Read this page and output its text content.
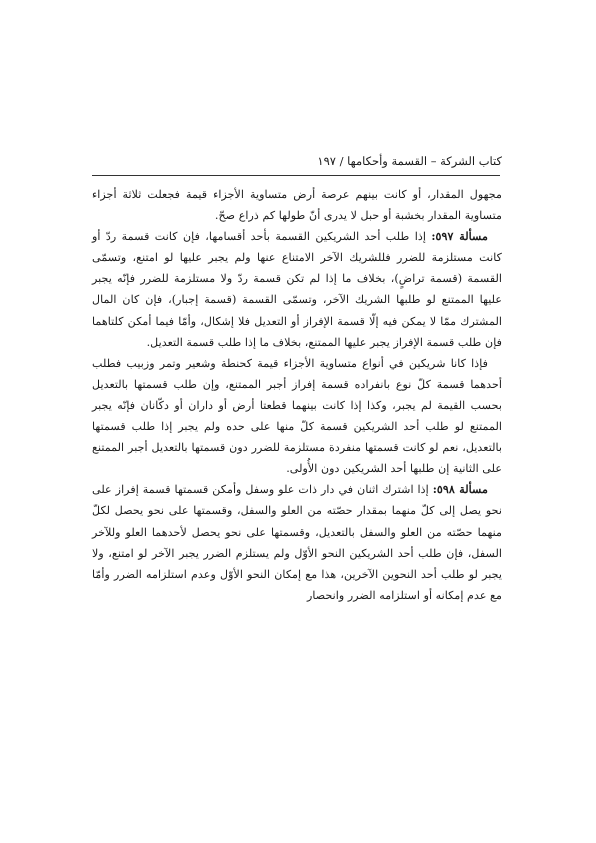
كتاب الشركة – القسمة وأحكامها / ١٩٧

مجهول المقدار، أو كانت بينهم عرصة أرض متساوية الأجزاء قيمة فجعلت ثلاثة أجزاء متساوية المقدار بخشبة أو حبل لا يدرى أنّ طولها كم ذراع صحّ.

مسألة ٥٩٧: إذا طلب أحد الشريكين القسمة بأحد أقسامها، فإن كانت قسمة ردّ أو كانت مستلزمة للضرر فللشريك الآخر الامتناع عنها ولم يجبر عليها لو امتنع، وتسمّى القسمة (قسمة تراضٍ)، بخلاف ما إذا لم تكن قسمة ردّ ولا مستلزمة للضرر فإنّه يجبر عليها الممتنع لو طلبها الشريك الآخر، وتسمّى القسمة (قسمة إجبار)، فإن كان المال المشترك ممّا لا يمكن فيه إلّا قسمة الإفراز أو التعديل فلا إشكال، وأمّا فيما أمكن كلتاهما فإن طلب قسمة الإفراز يجبر عليها الممتنع، بخلاف ما إذا طلب قسمة التعديل.

فإذا كانا شريكين في أنواع متساوية الأجزاء قيمة كحنطة وشعير وتمر وزبيب فطلب أحدهما قسمة كلّ نوع بانفراده قسمة إفراز أجبر الممتنع، وإن طلب قسمتها بالتعديل بحسب القيمة لم يجبر، وكذا إذا كانت بينهما قطعتا أرض أو داران أو دكّانان فإنّه يجبر الممتنع لو طلب أحد الشريكين قسمة كلّ منها على حده ولم يجبر إذا طلب قسمتها بالتعديل، نعم لو كانت قسمتها منفردة مستلزمة للضرر دون قسمتها بالتعديل أجبر الممتنع على الثانية إن طلبها أحد الشريكين دون الأُولى.

مسألة ٥٩٨: إذا اشترك اثنان في دار ذات علو وسفل وأمكن قسمتها قسمة إفراز على نحو يصل إلى كلّ منهما بمقدار حصّته من العلو والسفل، وقسمتها على نحو يحصل لكلّ منهما حصّته من العلو والسفل بالتعديل، وقسمتها على نحو يحصل لأحدهما العلو وللآخر السفل، فإن طلب أحد الشريكين النحو الأوّل ولم يستلزم الضرر يجبر الآخر لو امتنع، ولا يجبر لو طلب أحد النحوين الآخرين، هذا مع إمكان النحو الأوّل وعدم استلزامه الضرر وأمّا مع عدم إمكانه أو استلزامه الضرر وانحصار
